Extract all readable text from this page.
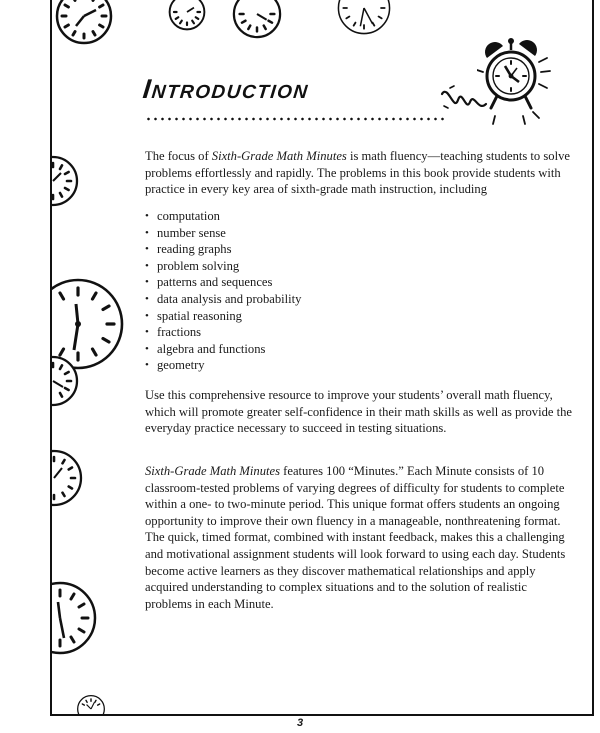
Introduction

The focus of Sixth-Grade Math Minutes is math fluency—teaching students to solve problems effortlessly and rapidly. The problems in this book provide students with practice in every key area of sixth-grade math instruction, including

• computation
• number sense
• reading graphs
• problem solving
• patterns and sequences
• data analysis and probability
• spatial reasoning
• fractions
• algebra and functions
• geometry

Use this comprehensive resource to improve your students’ overall math fluency, which will promote greater self-confidence in their math skills as well as provide the everyday practice necessary to succeed in testing situations.

Sixth-Grade Math Minutes features 100 “Minutes.” Each Minute consists of 10 classroom-tested problems of varying degrees of difficulty for students to complete within a one- to two-minute period. This unique format offers students an ongoing opportunity to improve their own fluency in a manageable, nonthreatening format. The quick, timed format, combined with instant feedback, makes this a challenging and motivational assignment students will look forward to using each day. Students become active learners as they discover mathematical relationships and apply acquired understanding to complex situations and to the solution of realistic problems in each Minute.

3
